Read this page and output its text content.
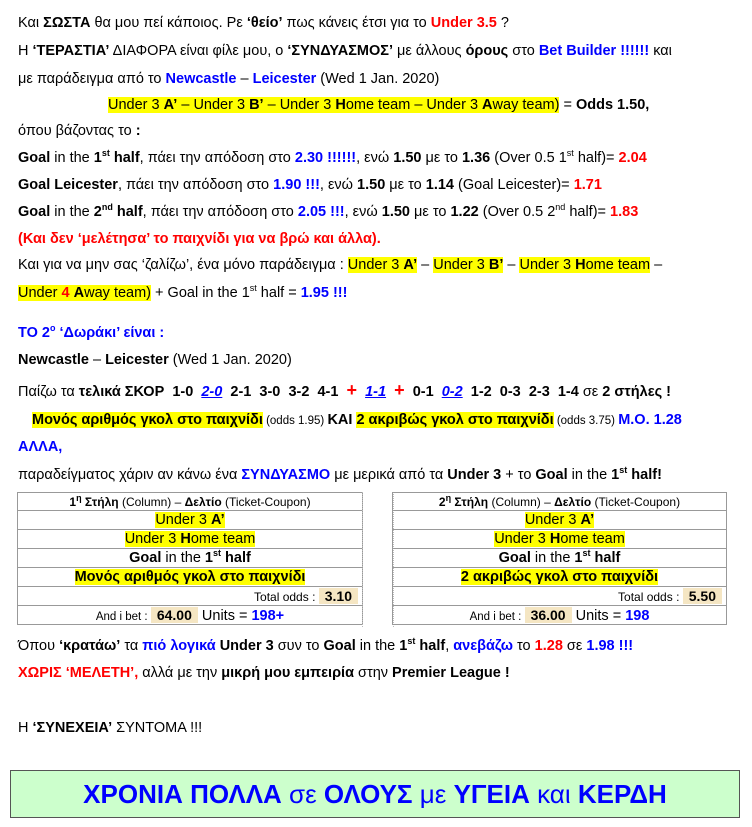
Και ΣΩΣΤΑ θα μου πεί κάποιος. Ρε ‘θείο’ πως κάνεις έτσι για το Under 3.5 ?
Η ‘ΤΕΡΑΣΤΙΑ’ ΔΙΑΦΟΡΑ είναι φίλε μου, ο ‘ΣΥΝΔΥΑΣΜΟΣ’ με άλλους όρους στο Bet Builder !!!!!! και
με παράδειγμα από το Newcastle – Leicester (Wed 1 Jan. 2020)
Under 3 A’ – Under 3 B’ – Under 3 Home team – Under 3 Away team) = Odds 1.50,
όπου βάζοντας το :
Goal in the 1st half, πάει την απόδοση στο 2.30 !!!!!!, ενώ 1.50 με το 1.36 (Over 0.5 1st half)= 2.04
Goal Leicester, πάει την απόδοση στο 1.90 !!!, ενώ 1.50 με το 1.14 (Goal Leicester)= 1.71
Goal in the 2nd half, πάει την απόδοση στο 2.05 !!!, ενώ 1.50 με το 1.22 (Over 0.5 2nd half)= 1.83
(Και δεν ‘μελέτησα’ το παιχνίδι για να βρώ και άλλα).
Και για να μην σας ‘ζαλίζω’, ένα μόνο παράδειγμα : Under 3 A’ – Under 3 B’ – Under 3 Home team –
Under 4 Away team) + Goal in the 1st half = 1.95 !!!
ΤΟ $2^o$ ‘Δωράκι’ είναι :
Newcastle – Leicester (Wed 1 Jan. 2020)
Παίζω τα τελικά ΣΚΟΡ 1-0 2-0 2-1 3-0 3-2 4-1 + 1-1 + 0-1 0-2 1-2 0-3 2-3 1-4 σε 2 στήλες !
Μονός αριθμός γκολ στο παιχνίδι (odds 1.95) ΚΑΙ 2 ακριβώς γκολ στο παιχνίδι (odds 3.75) Μ.Ο. 1.28
ΑΛΛΑ,
παραδείγματος χάριν αν κάνω ένα ΣΥΝΔΥΑΣΜΟ με μερικά από τα Under 3 + το Goal in the 1st half!
$1^\eta$ Στήλη (Column) – Δελτίο (Ticket-Coupon)
Under 3 A’
Under 3 Home team
Goal in the 1st half
Μονός αριθμός γκολ στο παιχνίδι
Total odds : 3.10
And i bet : 64.00 Units = 198+
$2^\eta$ Στήλη (Column) – Δελτίο (Ticket-Coupon)
Under 3 A’
Under 3 Home team
Goal in the 1st half
2 ακριβώς γκολ στο παιχνίδι
Total odds : 5.50
And i bet : 36.00 Units = 198
Όπου ‘κρατάω’ τα πιό λογικά Under 3 συν το Goal in the 1st half, ανεβάζω το 1.28 σε 1.98 !!!
ΧΩΡΙΣ ‘ΜΕΛΕΤΗ’, αλλά με την μικρή μου εμπειρία στην Premier League !
Η ‘ΣΥΝΕΧΕΙΑ’ ΣΥΝΤΟΜΑ !!!
ΧΡΟΝΙΑ ΠΟΛΛΑ σε ΟΛΟΥΣ με ΥΓΕΙΑ και ΚΕΡΔΗ
